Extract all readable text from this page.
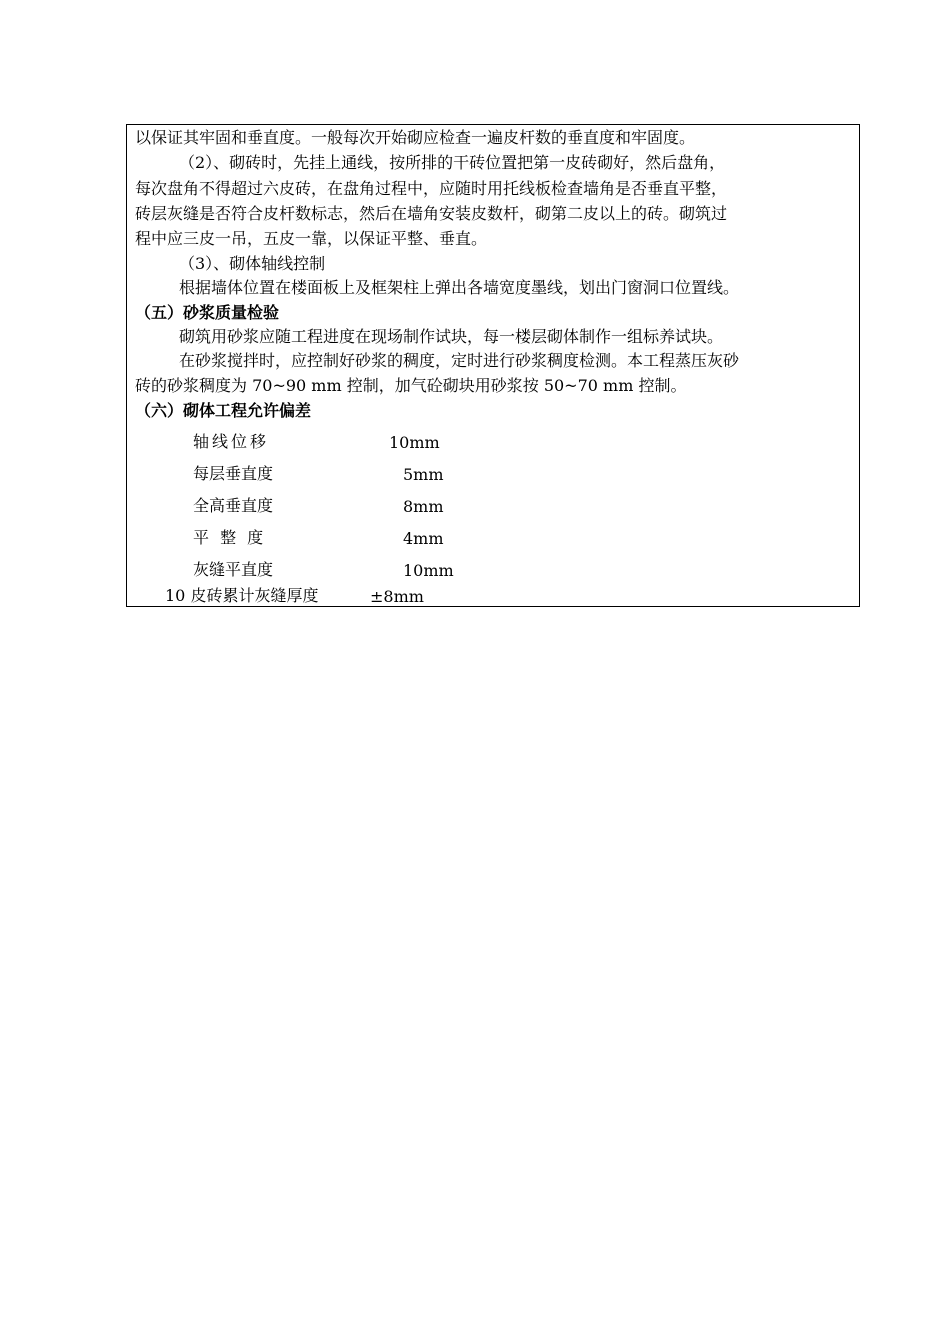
以保证其牢固和垂直度。一般每次开始砌应检查一遍皮杆数的垂直度和牢固度。
（2）、砌砖时，先挂上通线，按所排的干砖位置把第一皮砖砌好，然后盘角，
每次盘角不得超过六皮砖，在盘角过程中，应随时用托线板检查墙角是否垂直平整，
砖层灰缝是否符合皮杆数标志，然后在墙角安装皮数杆，砌第二皮以上的砖。砌筑过
程中应三皮一吊，五皮一靠，以保证平整、垂直。
（3）、砌体轴线控制
根据墙体位置在楼面板上及框架柱上弹出各墙宽度墨线，划出门窗洞口位置线。
（五）砂浆质量检验
砌筑用砂浆应随工程进度在现场制作试块，每一楼层砌体制作一组标养试块。
在砂浆搅拌时，应控制好砂浆的稠度，定时进行砂浆稠度检测。本工程蒸压灰砂
砖的砂浆稠度为 70~90 mm 控制，加气砼砌块用砂浆按 50~70 mm 控制。
（六）砌体工程允许偏差
轴线位移	10mm
每层垂直度	5mm
全高垂直度	8mm
平 整 度	4mm
灰缝平直度	10mm
10 皮砖累计灰缝厚度	±8mm
